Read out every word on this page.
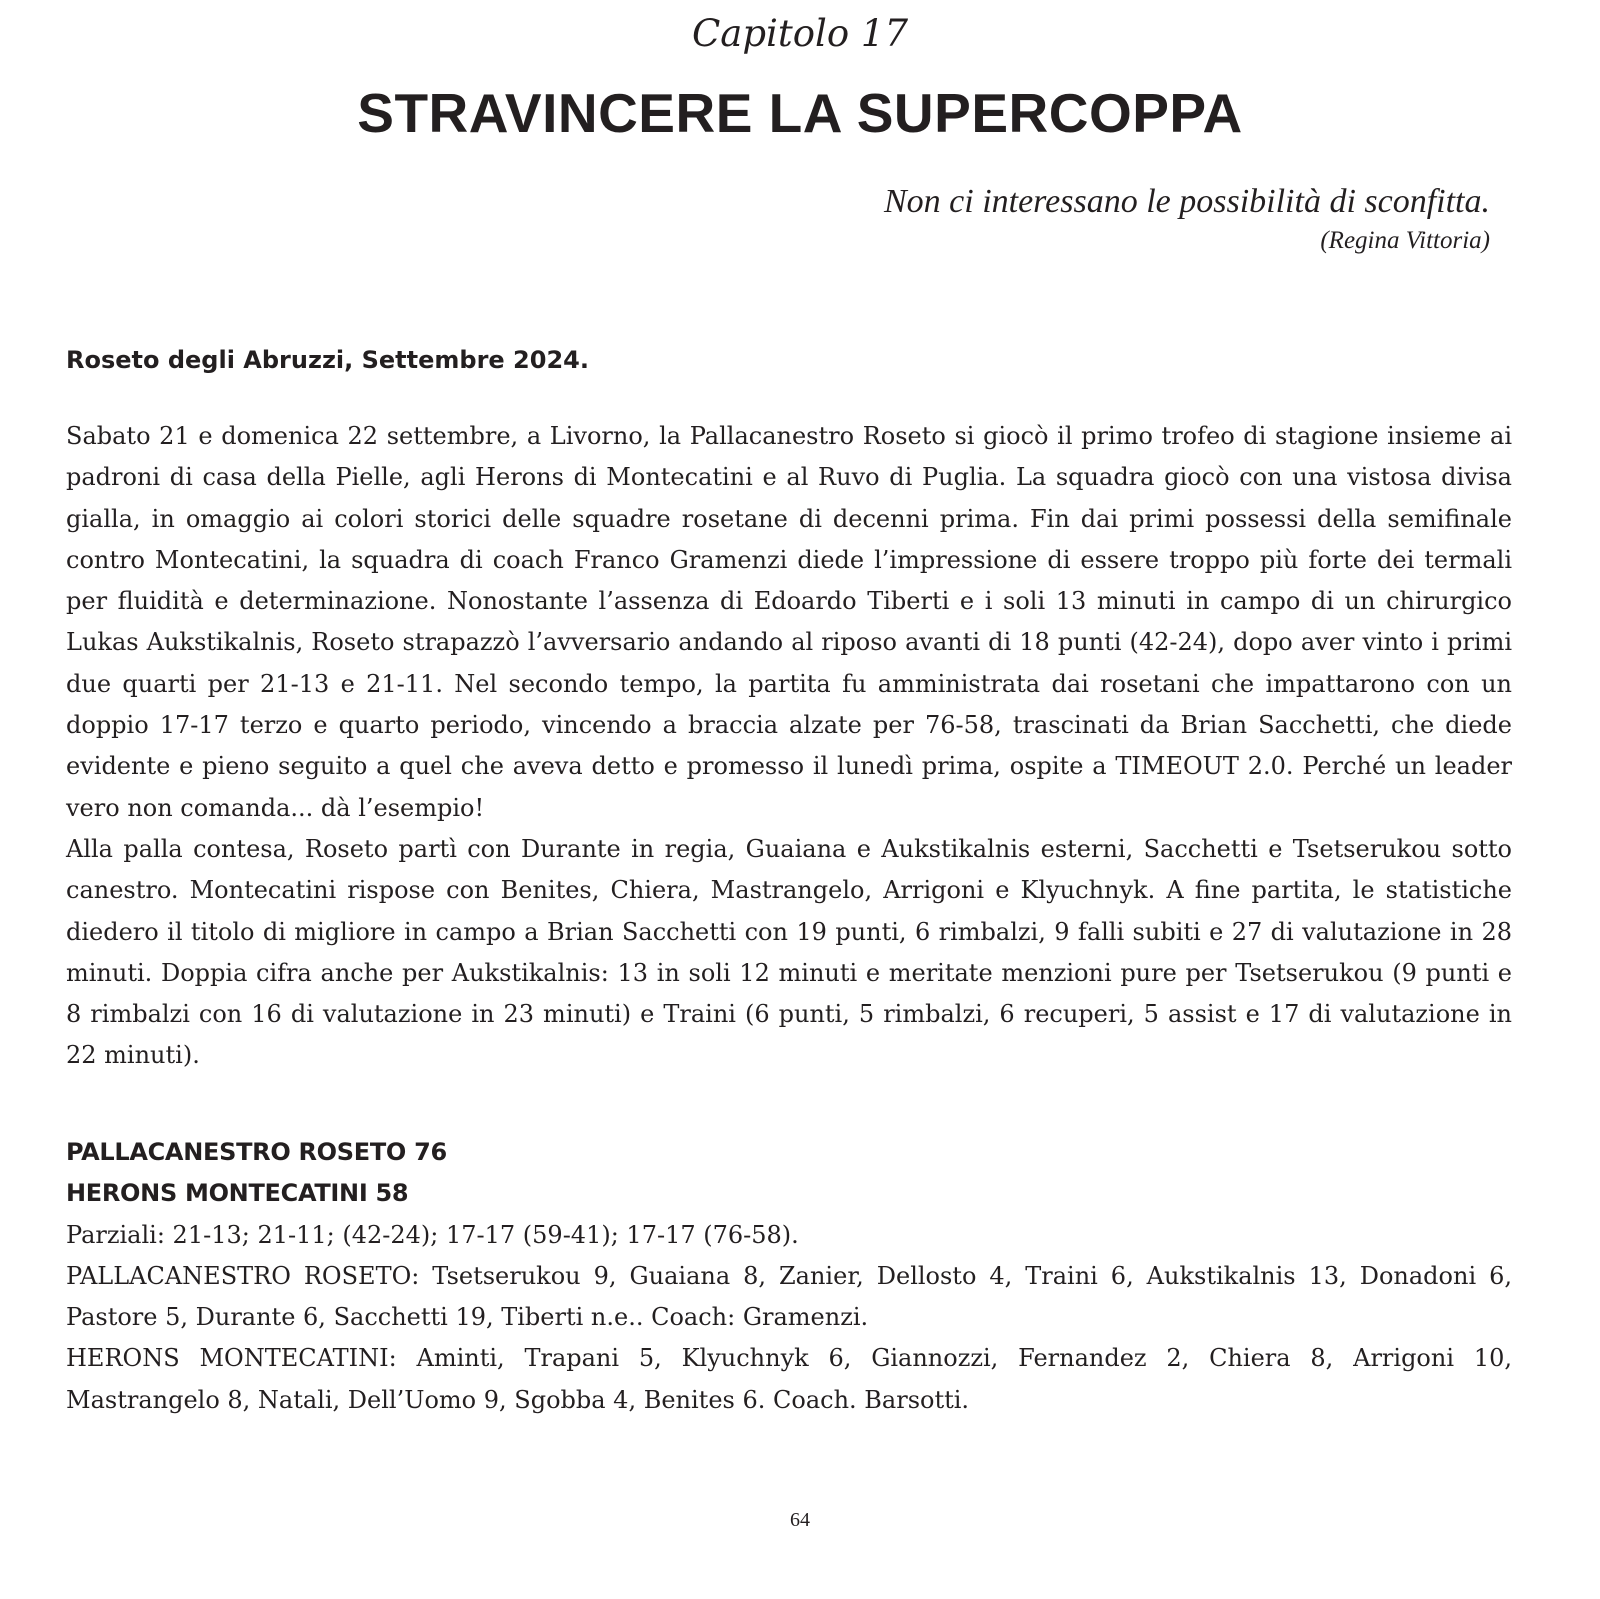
Capitolo 17
STRAVINCERE LA SUPERCOPPA
Non ci interessano le possibilità di sconfitta.
(Regina Vittoria)
Roseto degli Abruzzi, Settembre 2024.

Sabato 21 e domenica 22 settembre, a Livorno, la Pallacanestro Roseto si giocò il primo trofeo di stagione insieme ai padroni di casa della Pielle, agli Herons di Montecatini e al Ruvo di Puglia. La squadra giocò con una vistosa divisa gialla, in omaggio ai colori storici delle squadre rosetane di decenni prima. Fin dai primi possessi della semifinale contro Montecatini, la squadra di coach Franco Gramenzi diede l’impressione di essere troppo più forte dei termali per fluidità e determinazione. Nonostante l’assenza di Edoardo Tiberti e i soli 13 minuti in campo di un chirurgico Lukas Aukstikalnis, Roseto strapazzò l’avversario andando al riposo avanti di 18 punti (42-24), dopo aver vinto i primi due quarti per 21-13 e 21-11. Nel secondo tempo, la partita fu amministrata dai rosetani che impattarono con un doppio 17-17 terzo e quarto periodo, vincendo a braccia alzate per 76-58, trascinati da Brian Sacchetti, che diede evidente e pieno seguito a quel che aveva detto e promesso il lunedì prima, ospite a TIMEOUT 2.0. Perché un leader vero non comanda... dà l’esempio!

Alla palla contesa, Roseto partì con Durante in regia, Guaiana e Aukstikalnis esterni, Sacchetti e Tsetserukou sotto canestro. Montecatini rispose con Benites, Chiera, Mastrangelo, Arrigoni e Klyuchnyk. A fine partita, le statistiche diedero il titolo di migliore in campo a Brian Sacchetti con 19 punti, 6 rimbalzi, 9 falli subiti e 27 di valutazione in 28 minuti. Doppia cifra anche per Aukstikalnis: 13 in soli 12 minuti e meritate menzioni pure per Tsetserukou (9 punti e 8 rimbalzi con 16 di valutazione in 23 minuti) e Traini (6 punti, 5 rimbalzi, 6 recuperi, 5 assist e 17 di valutazione in 22 minuti).

PALLACANESTRO ROSETO 76
HERONS MONTECATINI 58

Parziali: 21-13; 21-11; (42-24); 17-17 (59-41); 17-17 (76-58).

PALLACANESTRO ROSETO: Tsetserukou 9, Guaiana 8, Zanier, Dellosto 4, Traini 6, Aukstikalnis 13, Donadoni 6, Pastore 5, Durante 6, Sacchetti 19, Tiberti n.e.. Coach: Gramenzi.

HERONS MONTECATINI: Aminti, Trapani 5, Klyuchnyk 6, Giannozzi, Fernandez 2, Chiera 8, Arrigoni 10, Mastrangelo 8, Natali, Dell’Uomo 9, Sgobba 4, Benites 6. Coach. Barsotti.

64
